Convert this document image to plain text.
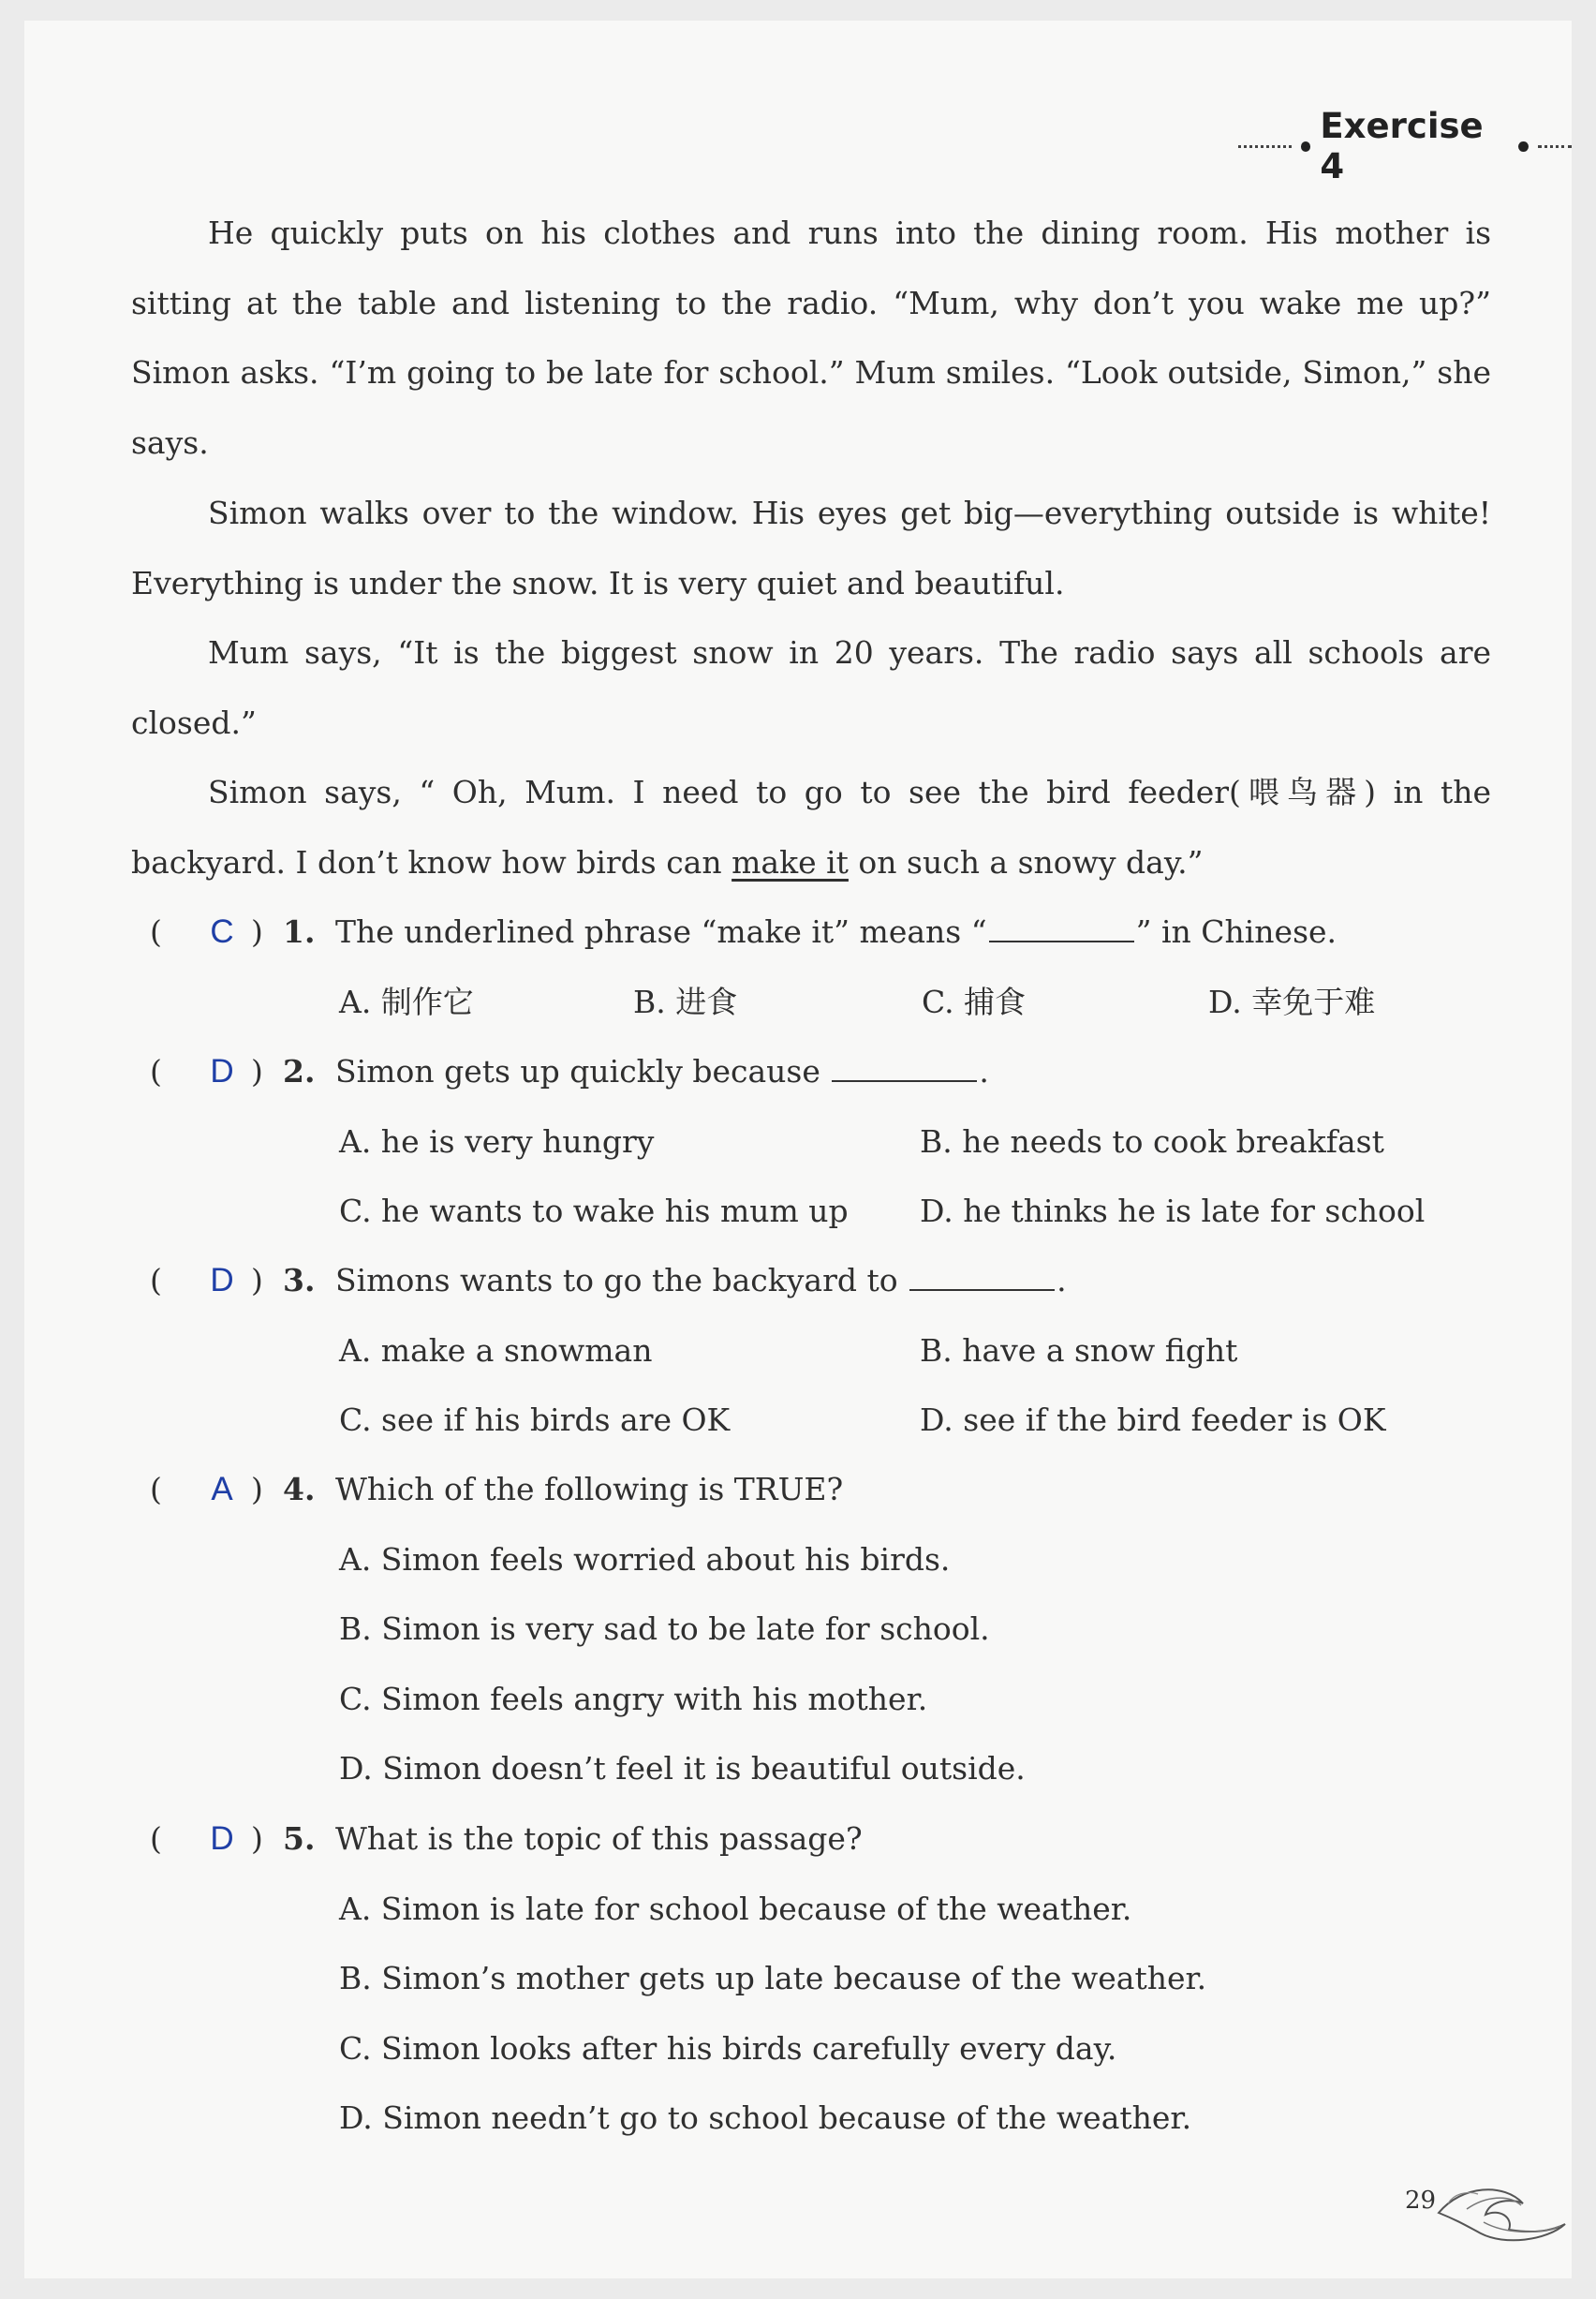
Exercise 4

He quickly puts on his clothes and runs into the dining room. His mother is sitting at the table and listening to the radio. “Mum, why don’t you wake me up?” Simon asks. “I’m going to be late for school.” Mum smiles. “Look outside, Simon,” she says.

Simon walks over to the window. His eyes get big—everything outside is white! Everything is under the snow. It is very quiet and beautiful.

Mum says, “It is the biggest snow in 20 years. The radio says all schools are closed.”

Simon says, “ Oh, Mum. I need to go to see the bird feeder(喂鸟器) in the backyard. I don’t know how birds can make it on such a snowy day.”

(	C ) 1. The underlined phrase “make it” means “	” in Chinese.
A. 制作它	B. 进食	C. 捕食	D. 幸免于难
(	D ) 2. Simon gets up quickly because	.
A. he is very hungry	B. he needs to cook breakfast
C. he wants to wake his mum up D. he thinks he is late for school
(	D ) 3. Simons wants to go the backyard to	.
A. make a snowman	B. have a snow fight
C. see if his birds are OK	D. see if the bird feeder is OK
(	A ) 4. Which of the following is TRUE?
A. Simon feels worried about his birds.
B. Simon is very sad to be late for school.
C. Simon feels angry with his mother.
D. Simon doesn’t feel it is beautiful outside.
(	D ) 5. What is the topic of this passage?
A. Simon is late for school because of the weather.
B. Simon’s mother gets up late because of the weather.
C. Simon looks after his birds carefully every day.
D. Simon needn’t go to school because of the weather.
29
